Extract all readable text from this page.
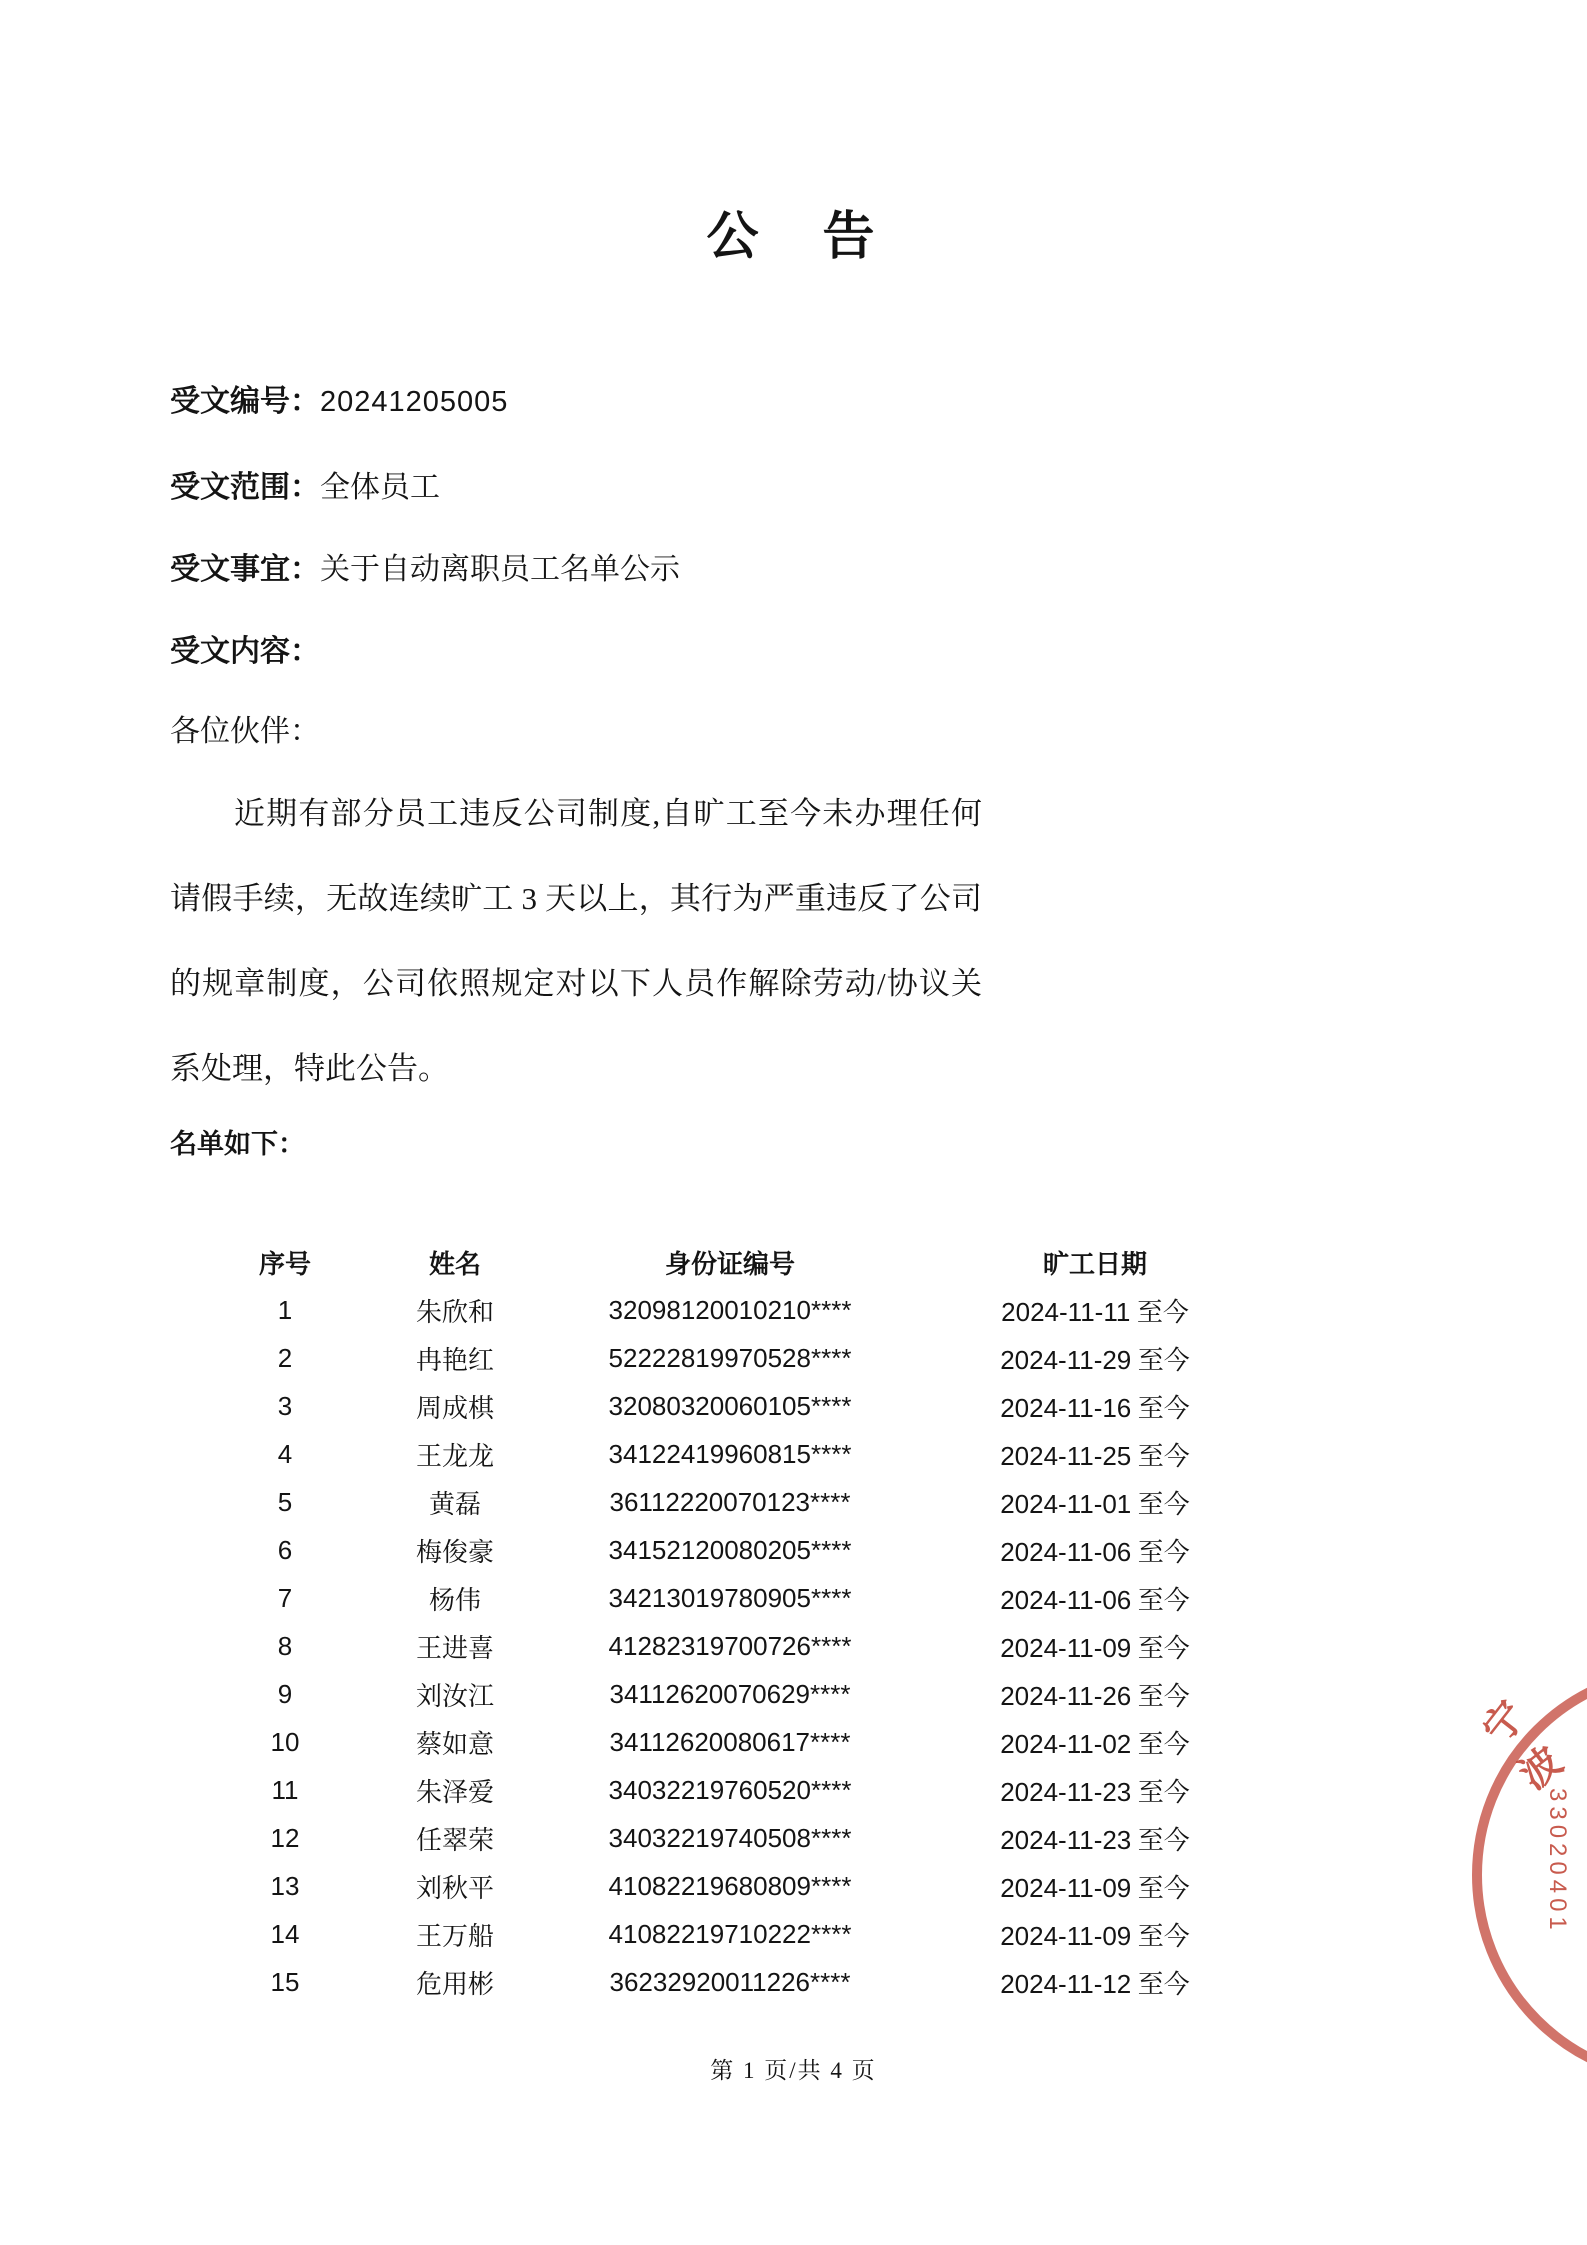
公　告
受文编号：20241205005
受文范围：全体员工
受文事宜：关于自动离职员工名单公示
受文内容：
各位伙伴：

近期有部分员工违反公司制度,自旷工至今未办理任何请假手续，无故连续旷工 3 天以上，其行为严重违反了公司的规章制度，公司依照规定对以下人员作解除劳动/协议关系处理，特此公告。

名单如下：
序号	姓名	身份证编号	旷工日期
1	朱欣和	32098120010210****	2024-11-11 至今
2	冉艳红	52222819970528****	2024-11-29 至今
3	周成棋	32080320060105****	2024-11-16 至今
4	王龙龙	34122419960815****	2024-11-25 至今
5	黄磊	36112220070123****	2024-11-01 至今
6	梅俊豪	34152120080205****	2024-11-06 至今
7	杨伟	34213019780905****	2024-11-06 至今
8	王进喜	41282319700726****	2024-11-09 至今
9	刘汝江	34112620070629****	2024-11-26 至今
10	蔡如意	34112620080617****	2024-11-02 至今
11	朱泽爱	34032219760520****	2024-11-23 至今
12	任翠荣	34032219740508****	2024-11-23 至今
13	刘秋平	41082219680809****	2024-11-09 至今
14	王万船	41082219710222****	2024-11-09 至今
15	危用彬	36232920011226****	2024-11-12 至今
第 1 页/共 4 页
宁
波
33020401
